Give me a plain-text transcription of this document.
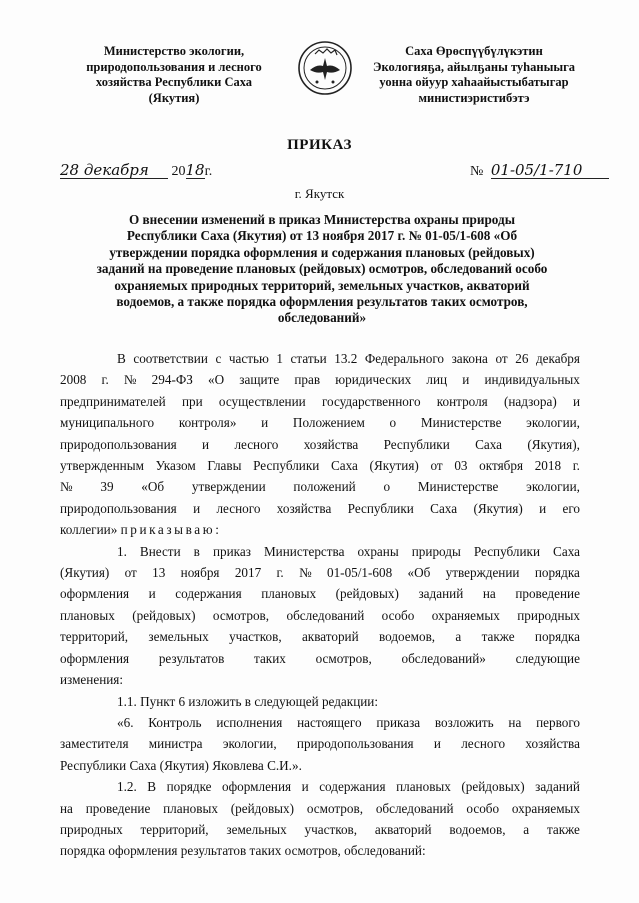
Министерство экологии,
природопользования и лесного
хозяйства Республики Саха
(Якутия)
Саха Өрөспүүбүлүкэтин
Экологияҕа, айылҕаны туһаныыга
уонна ойуур хаһаайыстыбатыгар
министиэристибэтэ
ПРИКАЗ
28 декабря 2018г.	№ 01-05/1-710
г. Якутск
О внесении изменений в приказ Министерства охраны природы
Республики Саха (Якутия) от 13 ноября 2017 г. № 01-05/1-608 «Об
утверждении порядка оформления и содержания плановых (рейдовых)
заданий на проведение плановых (рейдовых) осмотров, обследований особо
охраняемых природных территорий, земельных участков, акваторий
водоемов, а также порядка оформления результатов таких осмотров,
обследований»
В соответствии с частью 1 статьи 13.2 Федерального закона от 26 декабря
2008 г. № 294-ФЗ «О защите прав юридических лиц и индивидуальных
предпринимателей при осуществлении государственного контроля (надзора) и
муниципального контроля» и Положением о Министерстве экологии,
природопользования и лесного хозяйства Республики Саха (Якутия),
утвержденным Указом Главы Республики Саха (Якутия) от 03 октября 2018 г.
№ 39 «Об утверждении положений о Министерстве экологии,
природопользования и лесного хозяйства Республики Саха (Якутия) и его
коллегии»
приказываю:
1. Внести в приказ Министерства охраны природы Республики Саха
(Якутия) от 13 ноября 2017 г. № 01-05/1-608 «Об утверждении порядка
оформления и содержания плановых (рейдовых) заданий на проведение
плановых (рейдовых) осмотров, обследований особо охраняемых природных
территорий, земельных участков, акваторий водоемов, а также порядка
оформления результатов таких осмотров, обследований» следующие
изменения:
1.1. Пункт 6 изложить в следующей редакции:
«6. Контроль исполнения настоящего приказа возложить на первого
заместителя министра экологии, природопользования и лесного хозяйства
Республики Саха (Якутия) Яковлева С.И.».
1.2. В порядке оформления и содержания плановых (рейдовых) заданий
на проведение плановых (рейдовых) осмотров, обследований особо охраняемых
природных территорий, земельных участков, акваторий водоемов, а также
порядка оформления результатов таких осмотров, обследований:
